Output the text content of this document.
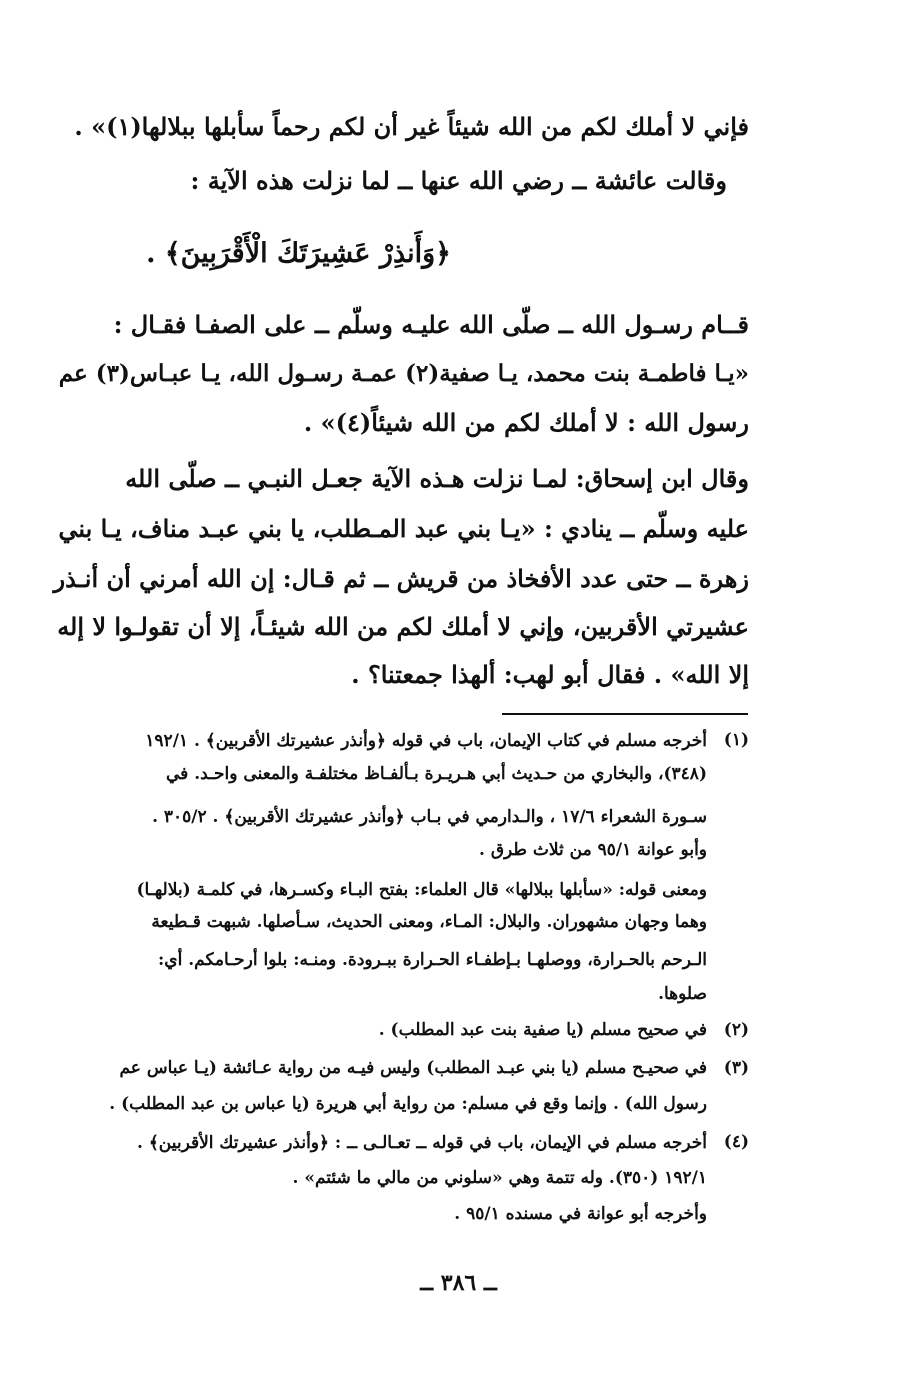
فإني لا أملك لكم من الله شيئاً غير أن لكم رحماً سأبلها ببلالها(١)» .
وقالت عائشة ــ رضي الله عنها ــ لما نزلت هذه الآية :
﴿وَأَنذِرْ عَشِيرَتَكَ الْأَقْرَبِينَ﴾ .
قــام رسـول الله ــ صلّى الله عليـه وسلّم ــ على الصفـا فقـال :
«يـا فاطمـة بنت محمد، يـا صفية(٢) عمـة رسـول الله، يـا عبـاس(٣) عم
رسول الله : لا أملك لكم من الله شيئاً(٤)» .
وقال ابن إسحاق: لمـا نزلت هـذه الآية جعـل النبـي ــ صلّى الله
عليه وسلّم ــ ينادي : «يـا بني عبد المـطلب، يا بني عبـد مناف، يـا بني
زهرة ــ حتى عدد الأفخاذ من قريش ــ ثم قـال: إن الله أمرني أن أنـذر
عشيرتي الأقربين، وإني لا أملك لكم من الله شيئـاً، إلا أن تقولـوا لا إله
إلا الله» . فقال أبو لهب: ألهذا جمعتنا؟ .
(١)
أخرجه مسلم في كتاب الإيمان، باب في قوله ﴿وأنذر عشيرتك الأقربين﴾ . ١٩٢/١
(٣٤٨)، والبخاري من حـديث أبي هـريـرة بـألفـاظ مختلفـة والمعنى واحـد. في
سـورة الشعراء ١٧/٦ ، والـدارمي في بـاب ﴿وأنذر عشيرتك الأقربين﴾ . ٣٠٥/٢ .
وأبو عوانة ٩٥/١ من ثلاث طرق .
ومعنى قوله: «سأبلها ببلالها» قال العلماء: بفتح البـاء وكسـرها، في كلمـة (بلالهـا)
وهما وجهان مشهوران. والبلال: المـاء، ومعنى الحديث، سـأصلها. شبهت قـطيعة
الـرحم بالحـرارة، ووصلهـا بـإطفـاء الحـرارة ببـرودة. ومنـه: بلوا أرحـامكم. أي:
صلوها.
(٢)
في صحيح مسلم (يا صفية بنت عبد المطلب) .
(٣)
في صحيـح مسلم (يا بني عبـد المطلب) وليس فيـه من رواية عـائشة (يـا عباس عم
رسول الله) . وإنما وقع في مسلم: من رواية أبي هريرة (يا عباس بن عبد المطلب) .
(٤)
أخرجه مسلم في الإيمان، باب في قوله ــ تعـالـى ــ : ﴿وأنذر عشيرتك الأقربين﴾ .
١٩٢/١ (٣٥٠). وله تتمة وهي «سلوني من مالي ما شئتم» .
وأخرجه أبو عوانة في مسنده ٩٥/١ .
ــ ٣٨٦ ــ
